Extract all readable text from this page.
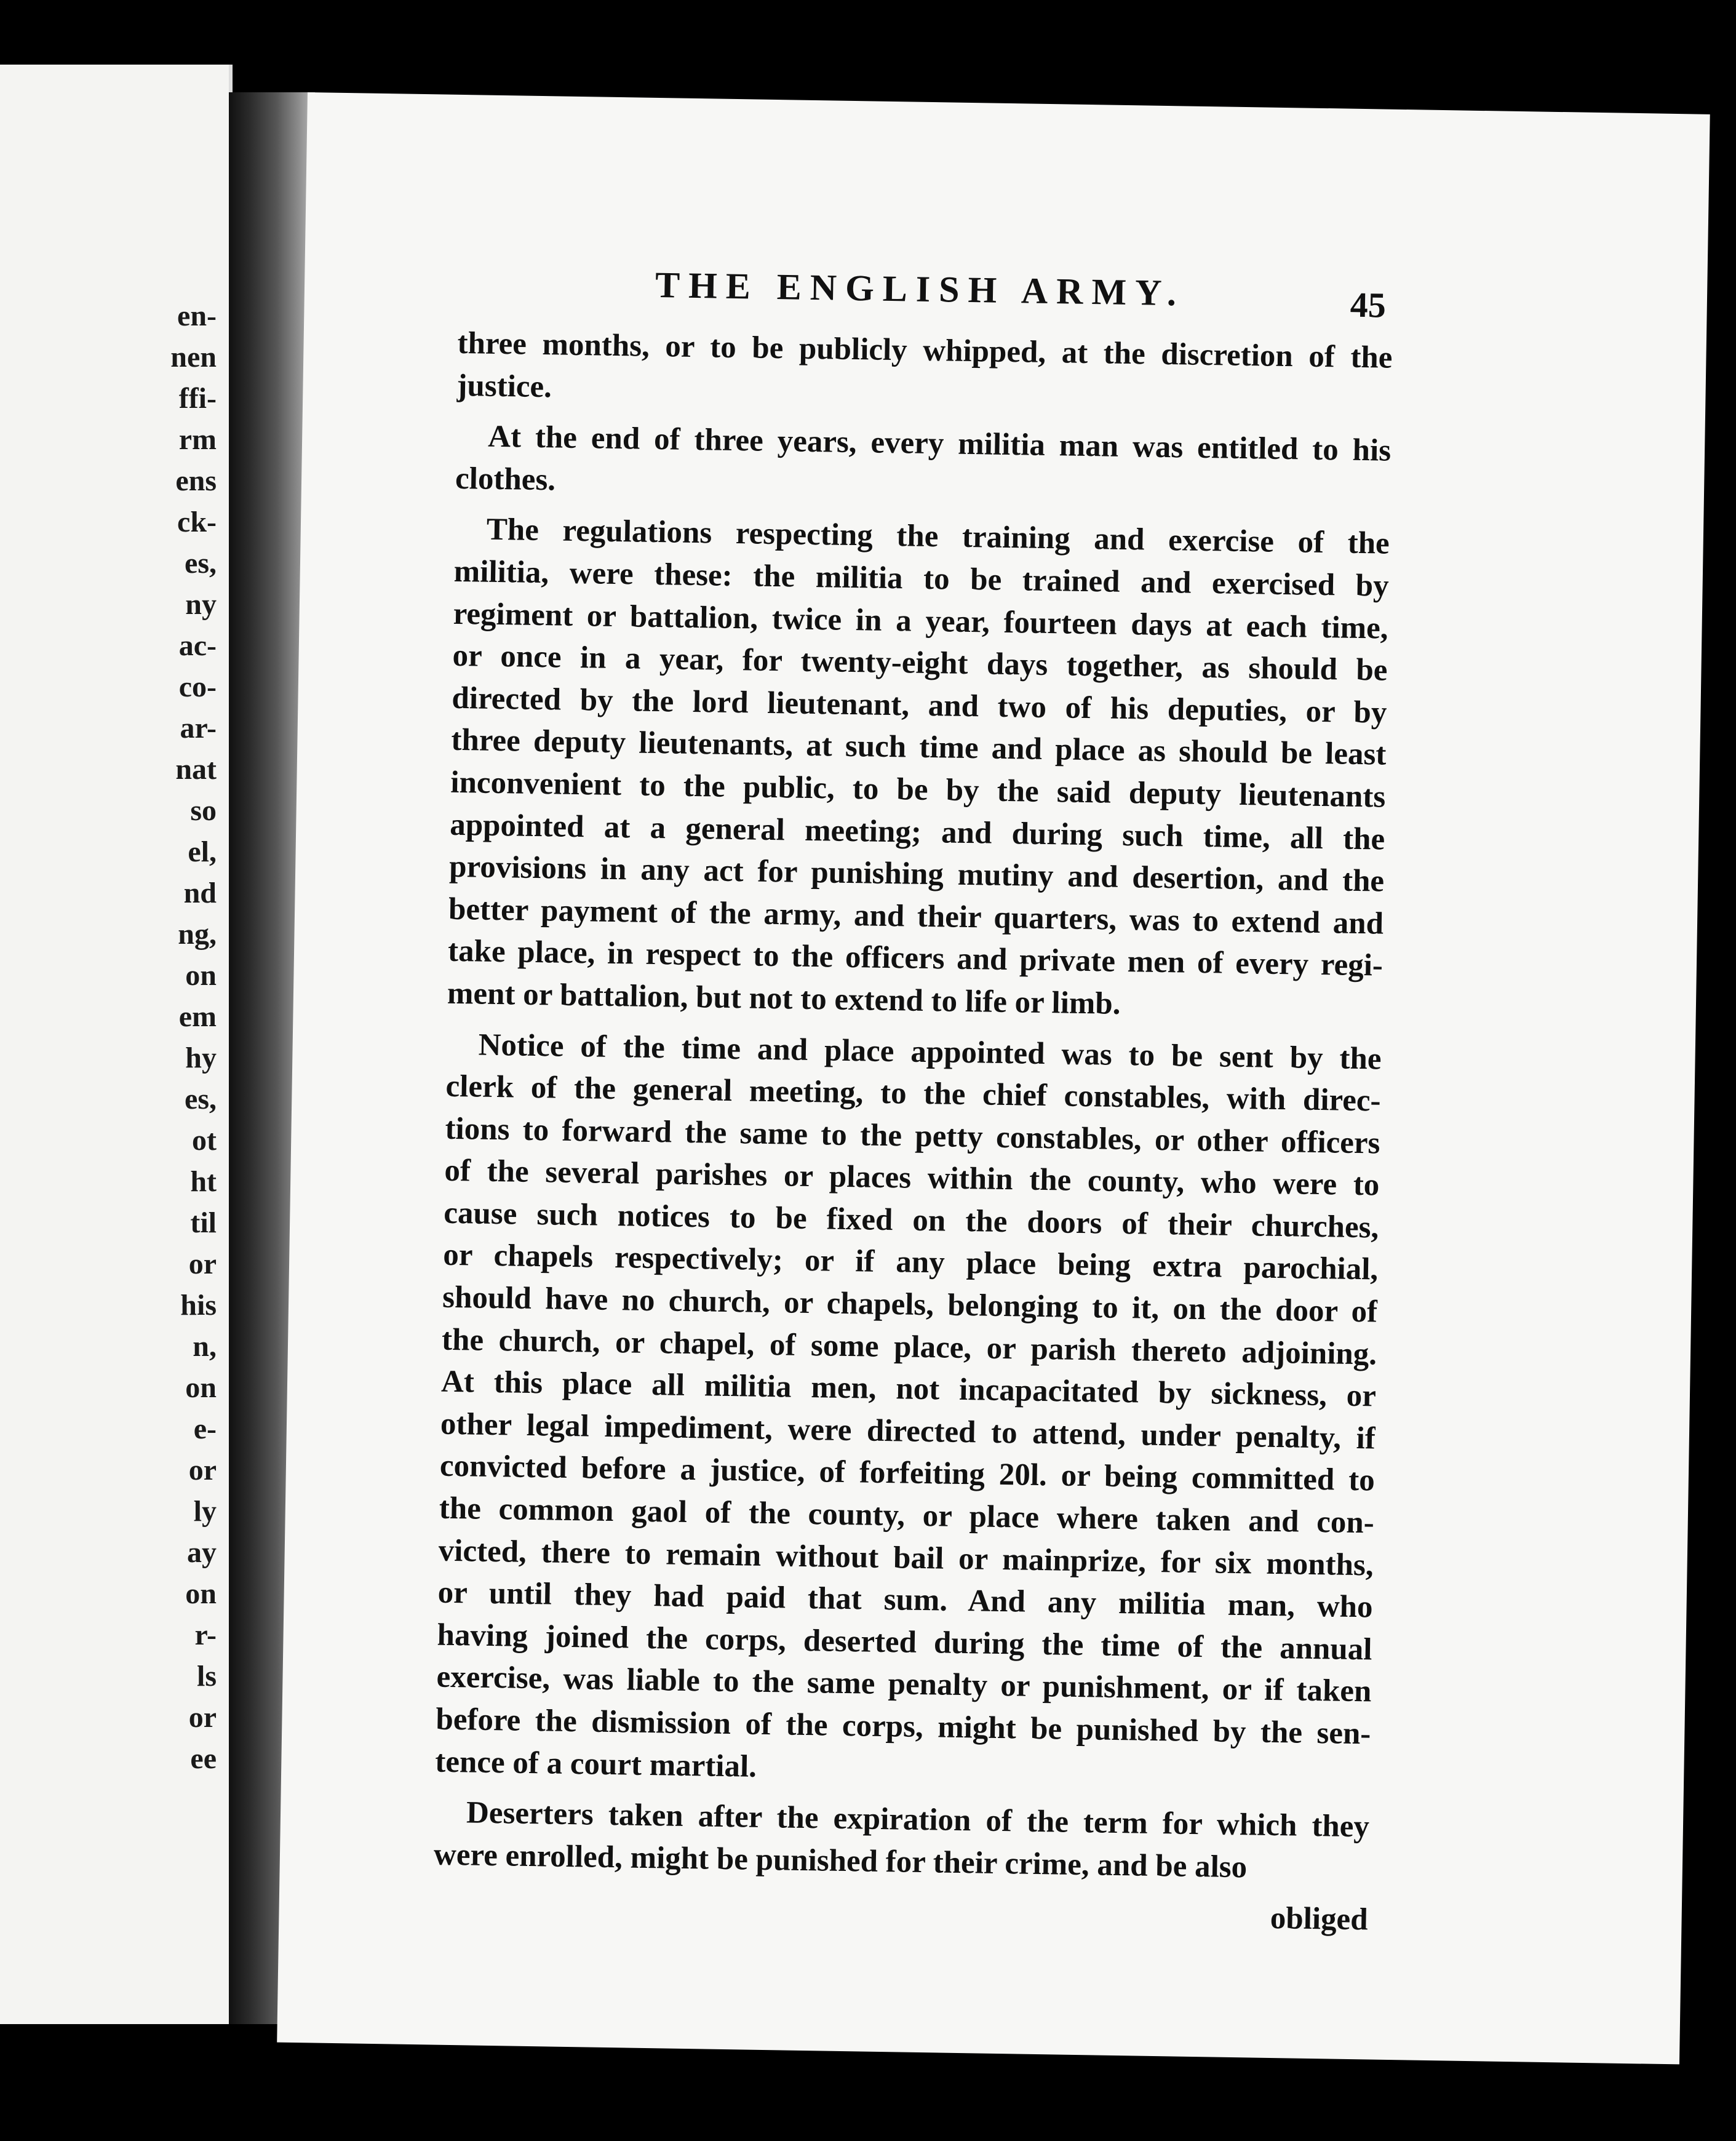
en-
nen
ffi-
rm
ens
ck-
es,
ny
ac-
co-
ar-
nat
so
el,
nd
ng,
on
em
hy
es,
ot
ht
til
or
his
n,
on
e-
or
ly
ay
on
r-
ls
or
ee
THE ENGLISH ARMY.	45

three months, or to be publicly whipped, at the discretion of the
justice.

At the end of three years, every militia man was entitled to his
clothes.

The regulations respecting the training and exercise of the
militia, were these: the militia to be trained and exercised by
regiment or battalion, twice in a year, fourteen days at each time,
or once in a year, for twenty-eight days together, as should be
directed by the lord lieutenant, and two of his deputies, or by
three deputy lieutenants, at such time and place as should be least
inconvenient to the public, to be by the said deputy lieutenants
appointed at a general meeting; and during such time, all the
provisions in any act for punishing mutiny and desertion, and the
better payment of the army, and their quarters, was to extend and
take place, in respect to the officers and private men of every regi-
ment or battalion, but not to extend to life or limb.

Notice of the time and place appointed was to be sent by the
clerk of the general meeting, to the chief constables, with direc-
tions to forward the same to the petty constables, or other officers
of the several parishes or places within the county, who were to
cause such notices to be fixed on the doors of their churches,
or chapels respectively; or if any place being extra parochial,
should have no church, or chapels, belonging to it, on the door of
the church, or chapel, of some place, or parish thereto adjoining.
At this place all militia men, not incapacitated by sickness, or
other legal impediment, were directed to attend, under penalty, if
convicted before a justice, of forfeiting 20l. or being committed to
the common gaol of the county, or place where taken and con-
victed, there to remain without bail or mainprize, for six months,
or until they had paid that sum. And any militia man, who
having joined the corps, deserted during the time of the annual
exercise, was liable to the same penalty or punishment, or if taken
before the dismission of the corps, might be punished by the sen-
tence of a court martial.

Deserters taken after the expiration of the term for which they
were enrolled, might be punished for their crime, and be also

obliged
